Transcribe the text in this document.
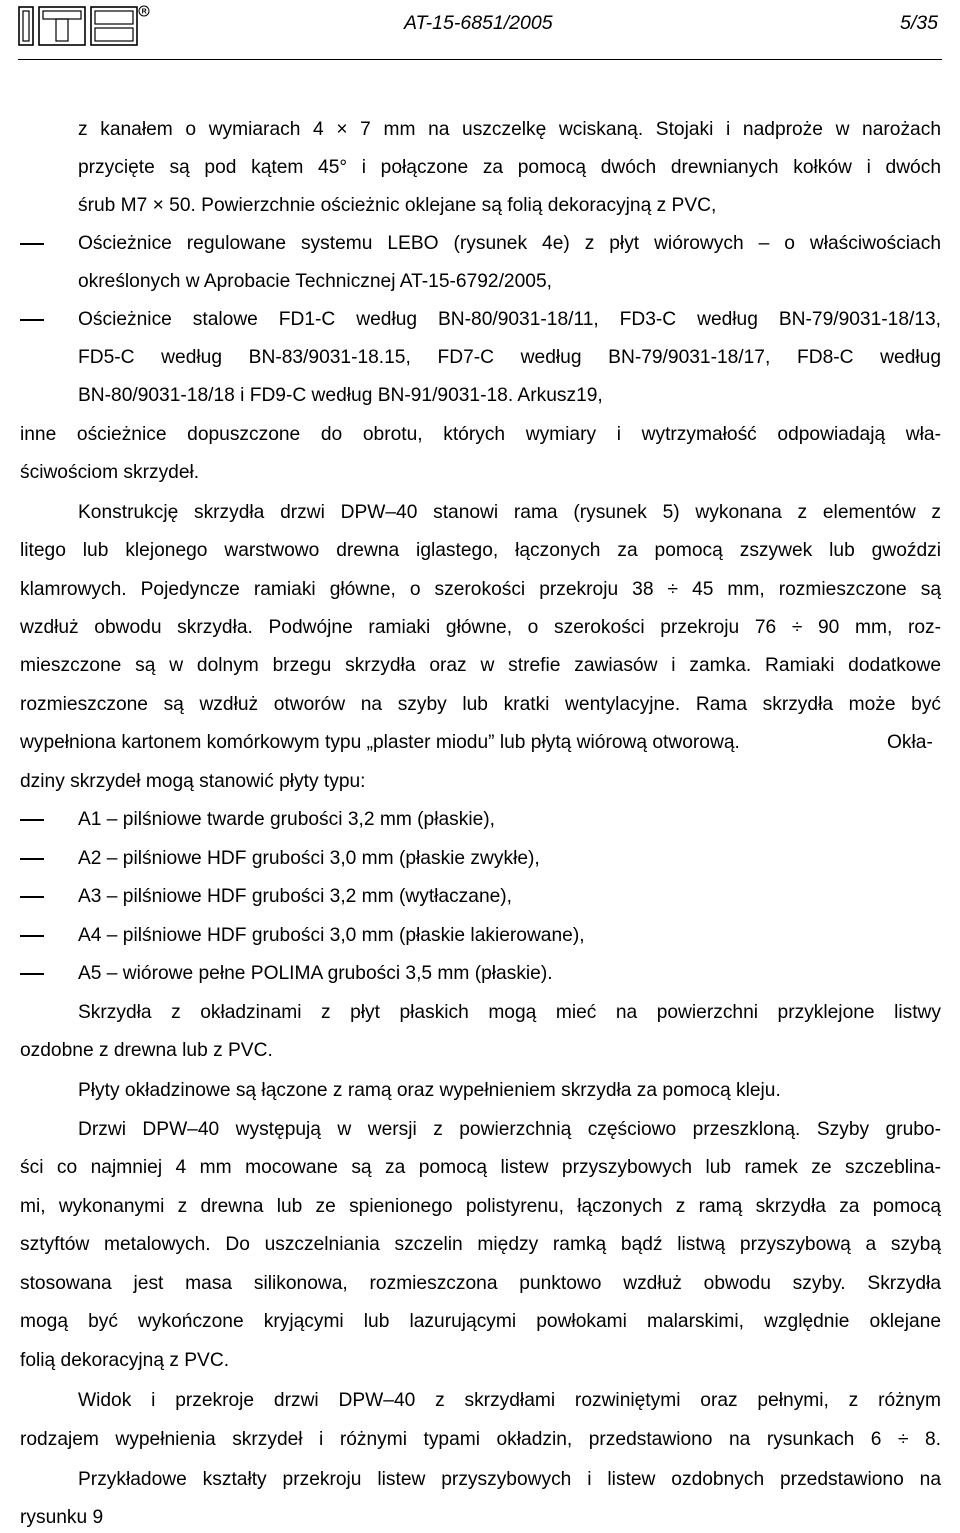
R	AT-15-6851/2005	5/35
z kanałem o wymiarach 4 × 7 mm na uszczelkę wciskaną. Stojaki i nadproże w narożach
przycięte są pod kątem 45° i połączone za pomocą dwóch drewnianych kołków i dwóch
śrub M7 × 50. Powierzchnie ościeżnic oklejane są folią dekoracyjną z PVC,
Ościeżnice regulowane systemu LEBO (rysunek 4e) z płyt wiórowych – o właściwościach
określonych w Aprobacie Technicznej AT-15-6792/2005,
Ościeżnice stalowe FD1-C według BN-80/9031-18/11, FD3-C według BN-79/9031-18/13,
FD5-C według BN-83/9031-18.15, FD7-C według BN-79/9031-18/17, FD8-C według
BN-80/9031-18/18 i FD9-C według BN-91/9031-18. Arkusz19,
inne ościeżnice dopuszczone do obrotu, których wymiary i wytrzymałość odpowiadają wła-
ściwościom skrzydeł.
Konstrukcję skrzydła drzwi DPW–40 stanowi rama (rysunek 5) wykonana z elementów z
litego lub klejonego warstwowo drewna iglastego, łączonych za pomocą zszywek lub gwoździ
klamrowych. Pojedyncze ramiaki główne, o szerokości przekroju 38 ÷ 45 mm, rozmieszczone są
wzdłuż obwodu skrzydła. Podwójne ramiaki główne, o szerokości przekroju 76 ÷ 90 mm, roz-
mieszczone są w dolnym brzegu skrzydła oraz w strefie zawiasów i zamka. Ramiaki dodatkowe
rozmieszczone są wzdłuż otworów na szyby lub kratki wentylacyjne. Rama skrzydła może być
wypełniona kartonem komórkowym typu „plaster miodu” lub płytą wiórową otworową.	Okła-
dziny skrzydeł mogą stanowić płyty typu:
A1 – pilśniowe twarde grubości 3,2 mm (płaskie),
A2 – pilśniowe HDF grubości 3,0 mm (płaskie zwykłe),
A3 – pilśniowe HDF grubości 3,2 mm (wytłaczane),
A4 – pilśniowe HDF grubości 3,0 mm (płaskie lakierowane),
A5 – wiórowe pełne POLIMA grubości 3,5 mm (płaskie).
Skrzydła z okładzinami z płyt płaskich mogą mieć na powierzchni przyklejone listwy
ozdobne z drewna lub z PVC.
Płyty okładzinowe są łączone z ramą oraz wypełnieniem skrzydła za pomocą kleju.
Drzwi DPW–40 występują w wersji z powierzchnią częściowo przeszkloną. Szyby grubo-
ści co najmniej 4 mm mocowane są za pomocą listew przyszybowych lub ramek ze szczeblina-
mi, wykonanymi z drewna lub ze spienionego polistyrenu, łączonych z ramą skrzydła za pomocą
sztyftów metalowych. Do uszczelniania szczelin między ramką bądź listwą przyszybową a szybą
stosowana jest masa silikonowa, rozmieszczona punktowo wzdłuż obwodu szyby. Skrzydła
mogą być wykończone kryjącymi lub lazurującymi powłokami malarskimi, względnie oklejane
folią dekoracyjną z PVC.
Widok i przekroje drzwi DPW–40 z skrzydłami rozwiniętymi oraz pełnymi, z różnym
rodzajem wypełnienia skrzydeł i różnymi typami okładzin, przedstawiono na rysunkach 6 ÷ 8.
Przykładowe kształty przekroju listew przyszybowych i listew ozdobnych przedstawiono na
rysunku 9
